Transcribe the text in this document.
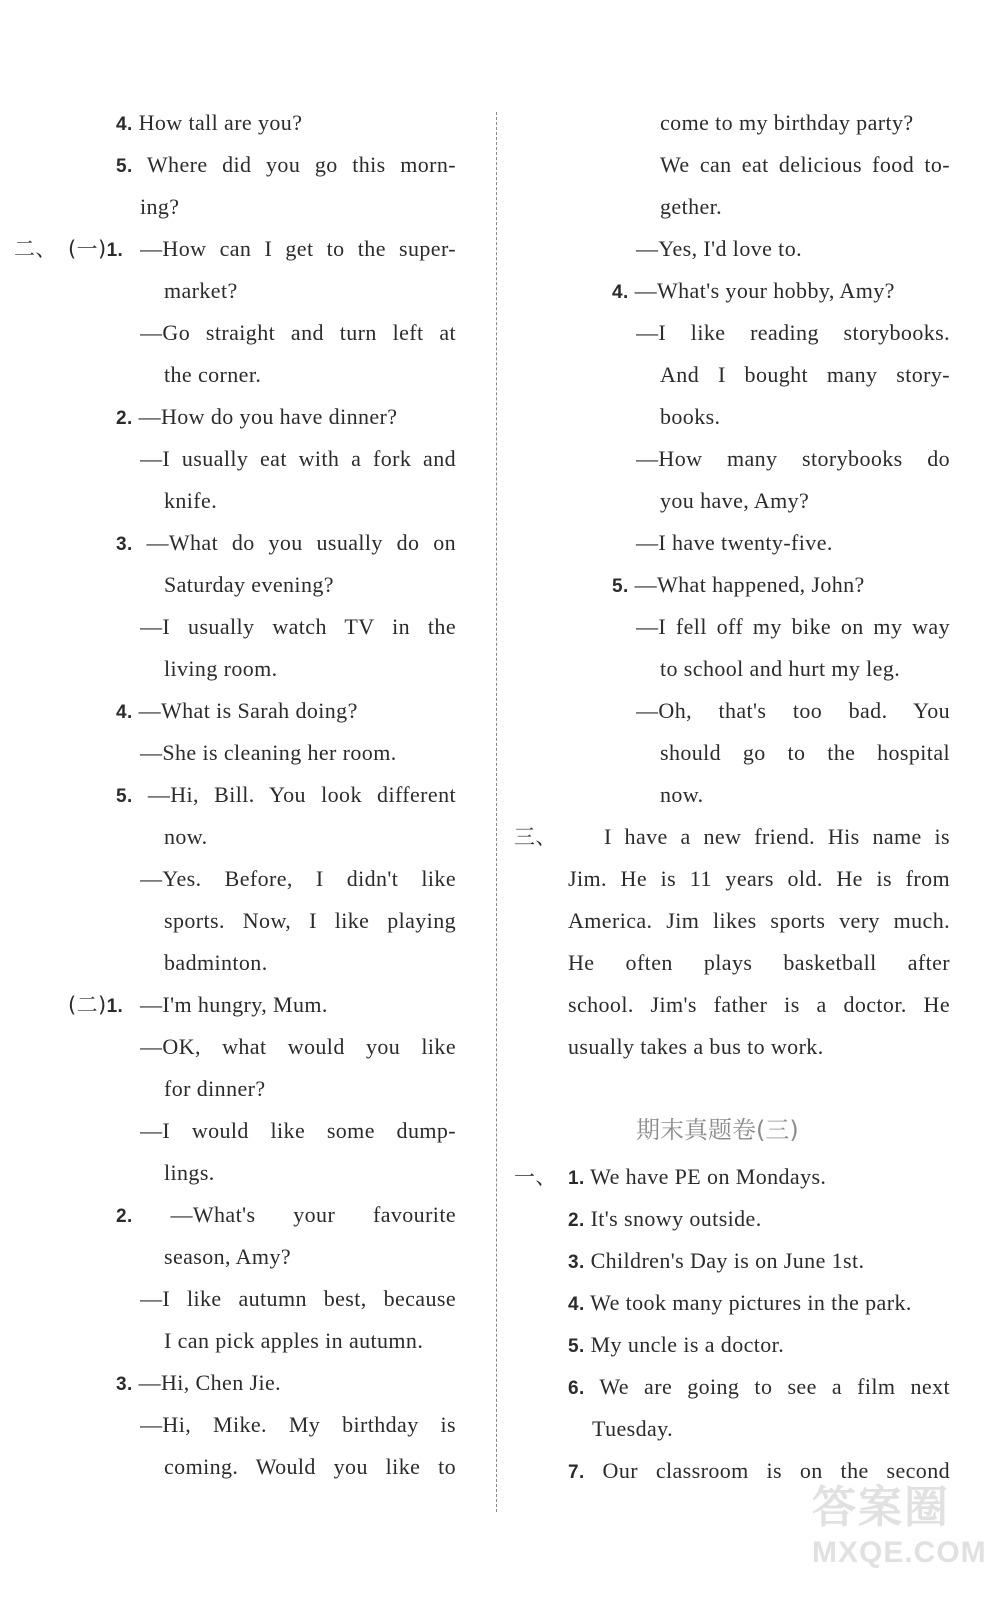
4. How tall are you?
5. Where did you go this morn-
ing?
二、 (一)1. —How can I get to the super-
market?
—Go straight and turn left at
the corner.
2. —How do you have dinner?
—I usually eat with a fork and
knife.
3. —What do you usually do on
Saturday evening?
—I usually watch TV in the
living room.
4. —What is Sarah doing?
—She is cleaning her room.
5. —Hi, Bill. You look different
now.
—Yes. Before, I didn't like
sports. Now, I like playing
badminton.
(二)1. —I'm hungry, Mum.
—OK, what would you like
for dinner?
—I would like some dump-
lings.
2. —What's your favourite
season, Amy?
—I like autumn best, because
I can pick apples in autumn.
3. —Hi, Chen Jie.
—Hi, Mike. My birthday is
coming. Would you like to
come to my birthday party?
We can eat delicious food to-
gether.
—Yes, I'd love to.
4. —What's your hobby, Amy?
—I like reading storybooks.
And I bought many story-
books.
—How many storybooks do
you have, Amy?
—I have twenty-five.
5. —What happened, John?
—I fell off my bike on my way
to school and hurt my leg.
—Oh, that's too bad. You
should go to the hospital
now.
三、 I have a new friend. His name is
Jim. He is 11 years old. He is from
America. Jim likes sports very much.
He often plays basketball after
school. Jim's father is a doctor. He
usually takes a bus to work.
期末真题卷(三)
一、 1. We have PE on Mondays.
2. It's snowy outside.
3. Children's Day is on June 1st.
4. We took many pictures in the park.
5. My uncle is a doctor.
6. We are going to see a film next
Tuesday.
7. Our classroom is on the second
答案圈
MXQE.COM
